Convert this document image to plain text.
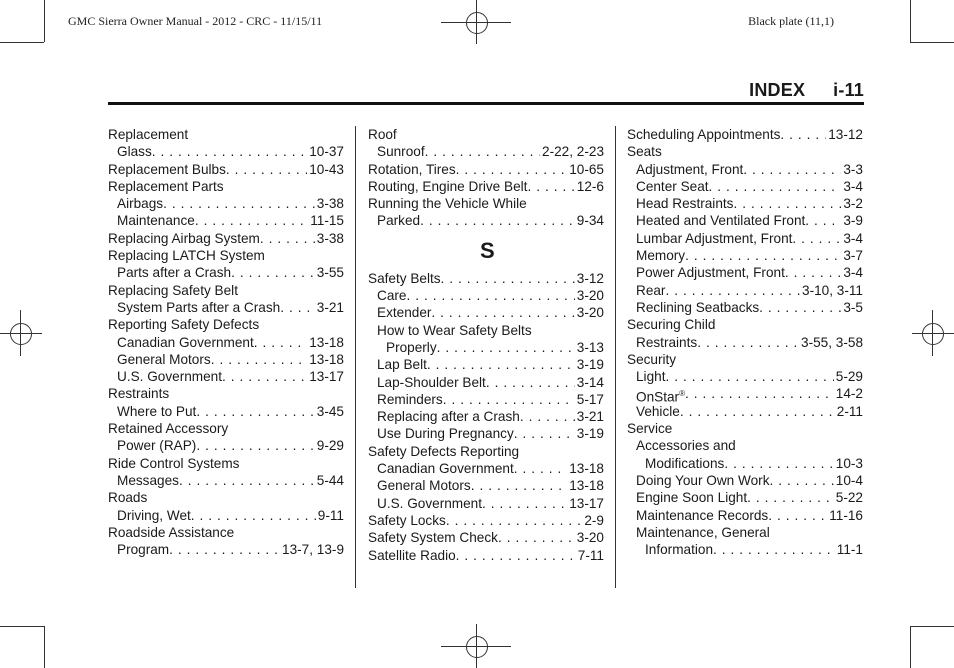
GMC Sierra Owner Manual - 2012 - CRC - 11/15/11	Black plate (11,1)
INDEX i-11
Replacement
Glass . . .	10-37
Replacement Bulbs . . .	10-43
Replacement Parts
Airbags . . .	3-38
Maintenance . . .	11-15
Replacing Airbag System . . .	3-38
Replacing LATCH System
Parts after a Crash . . .	3-55
Replacing Safety Belt
System Parts after a Crash . . .	3-21
Reporting Safety Defects
Canadian Government . . .	13-18
General Motors . . .	13-18
U.S. Government . . .	13-17
Restraints
Where to Put . . .	3-45
Retained Accessory
Power (RAP) . . .	9-29
Ride Control Systems
Messages . . .	5-44
Roads
Driving, Wet . . .	9-11
Roadside Assistance
Program . . .	13-7, 13-9
Roof
Sunroof . . .	2-22, 2-23
Rotation, Tires . . .	10-65
Routing, Engine Drive Belt . . .	12-6
Running the Vehicle While
Parked . . .	9-34
S
Safety Belts . . .	3-12
Care . . .	3-20
Extender . . .	3-20
How to Wear Safety Belts
Properly . . .	3-13
Lap Belt . . .	3-19
Lap-Shoulder Belt . . .	3-14
Reminders . . .	5-17
Replacing after a Crash . . .	3-21
Use During Pregnancy . . .	3-19
Safety Defects Reporting
Canadian Government . . .	13-18
General Motors . . .	13-18
U.S. Government . . .	13-17
Safety Locks . . .	2-9
Safety System Check . . .	3-20
Satellite Radio . . .	7-11
Scheduling Appointments . . .	13-12
Seats
Adjustment, Front . . .	3-3
Center Seat . . .	3-4
Head Restraints . . .	3-2
Heated and Ventilated Front . . .	3-9
Lumbar Adjustment, Front . . .	3-4
Memory . . .	3-7
Power Adjustment, Front . . .	3-4
Rear . . .	3-10, 3-11
Reclining Seatbacks . . .	3-5
Securing Child
Restraints . . .	3-55, 3-58
Security
Light . . .	5-29
OnStar® . . .	14-2
Vehicle . . .	2-11
Service
Accessories and
Modifications . . .	10-3
Doing Your Own Work . . .	10-4
Engine Soon Light . . .	5-22
Maintenance Records . . .	11-16
Maintenance, General
Information . . .	11-1
